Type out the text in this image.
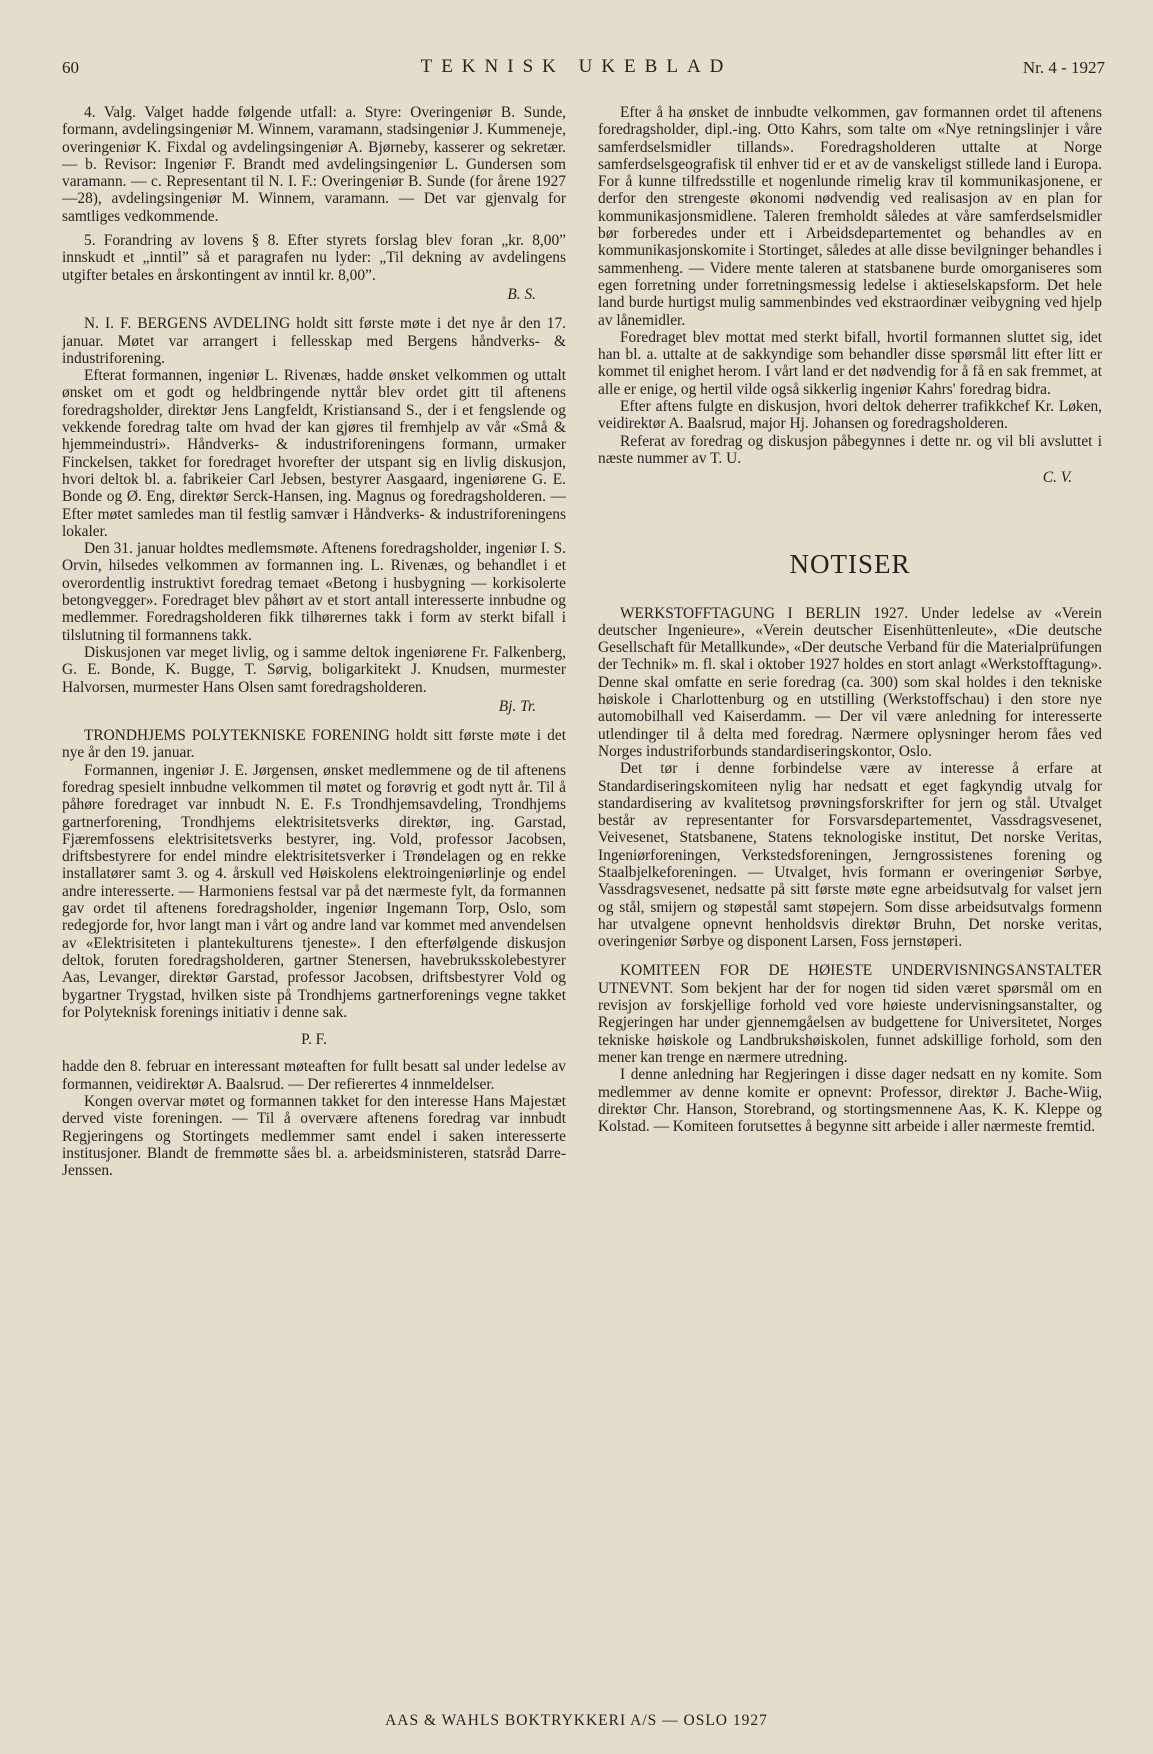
60	TEKNISK UKEBLAD	Nr. 4 - 1927

4. Valg. Valget hadde følgende utfall: a. Styre: Overingeniør B. Sunde, formann, avdelingsingeniør M. Winnem, varamann, stadsingeniør J. Kummeneje, overingeniør K. Fixdal og avdelingsingeniør A. Bjørneby, kasserer og sekretær. — b. Revisor: Ingeniør F. Brandt med avdelingsingeniør L. Gundersen som varamann. — c. Representant til N. I. F.: Overingeniør B. Sunde (for årene 1927—28), avdelingsingeniør M. Winnem, varamann. — Det var gjenvalg for samtliges vedkommende.

5. Forandring av lovens § 8. Efter styrets forslag blev foran „kr. 8,00” innskudt et „inntil” så et paragrafen nu lyder: „Til dekning av avdelingens utgifter betales en årskontingent av inntil kr. 8,00”.

B. S.

N. I. F. BERGENS AVDELING holdt sitt første møte i det nye år den 17. januar. Møtet var arrangert i fellesskap med Bergens håndverks- & industriforening.

Efterat formannen, ingeniør L. Rivenæs, hadde ønsket velkommen og uttalt ønsket om et godt og heldbringende nyttår blev ordet gitt til aftenens foredragsholder, direktør Jens Langfeldt, Kristiansand S., der i et fengslende og vekkende foredrag talte om hvad der kan gjøres til fremhjelp av vår «Små & hjemmeindustri». Håndverks- & industriforeningens formann, urmaker Finckelsen, takket for foredraget hvorefter der utspant sig en livlig diskusjon, hvori deltok bl. a. fabrikeier Carl Jebsen, bestyrer Aasgaard, ingeniørene G. E. Bonde og Ø. Eng, direktør Serck-Hansen, ing. Magnus og foredragsholderen. — Efter møtet samledes man til festlig samvær i Håndverks- & industriforeningens lokaler.

Den 31. januar holdtes medlemsmøte. Aftenens foredragsholder, ingeniør I. S. Orvin, hilsedes velkommen av formannen ing. L. Rivenæs, og behandlet i et overordentlig instruktivt foredrag temaet «Betong i husbygning — korkisolerte betongvegger». Foredraget blev påhørt av et stort antall interesserte innbudne og medlemmer. Foredragsholderen fikk tilhørernes takk i form av sterkt bifall i tilslutning til formannens takk.

Diskusjonen var meget livlig, og i samme deltok ingeniørene Fr. Falkenberg, G. E. Bonde, K. Bugge, T. Sørvig, boligarkitekt J. Knudsen, murmester Halvorsen, murmester Hans Olsen samt foredragsholderen.

Bj. Tr.

TRONDHJEMS POLYTEKNISKE FORENING holdt sitt første møte i det nye år den 19. januar.

Formannen, ingeniør J. E. Jørgensen, ønsket medlemmene og de til aftenens foredrag spesielt innbudne velkommen til møtet og forøvrig et godt nytt år. Til å påhøre foredraget var innbudt N. E. F.s Trondhjemsavdeling, Trondhjems gartnerforening, Trondhjems elektrisitetsverks direktør, ing. Garstad, Fjæremfossens elektrisitetsverks bestyrer, ing. Vold, professor Jacobsen, driftsbestyrere for endel mindre elektrisitetsverker i Trøndelagen og en rekke installatører samt 3. og 4. årskull ved Høiskolens elektroingeniørlinje og endel andre interesserte. — Harmoniens festsal var på det nærmeste fylt, da formannen gav ordet til aftenens foredragsholder, ingeniør Ingemann Torp, Oslo, som redegjorde for, hvor langt man i vårt og andre land var kommet med anvendelsen av «Elektrisiteten i plantekulturens tjeneste». I den efterfølgende diskusjon deltok, foruten foredragsholderen, gartner Stenersen, havebruksskolebestyrer Aas, Levanger, direktør Garstad, professor Jacobsen, driftsbestyrer Vold og bygartner Trygstad, hvilken siste på Trondhjems gartnerforenings vegne takket for Polyteknisk forenings initiativ i denne sak.

P. F.

hadde den 8. februar en interessant møteaften for fullt besatt sal under ledelse av formannen, veidirektør A. Baalsrud. — Der refierertes 4 innmeldelser.

Kongen overvar møtet og formannen takket for den interesse Hans Majestæt derved viste foreningen. — Til å overvære aftenens foredrag var innbudt Regjeringens og Stortingets medlemmer samt endel i saken interesserte institusjoner. Blandt de fremmøtte såes bl. a. arbeidsministeren, statsråd Darre-Jenssen.

Efter å ha ønsket de innbudte velkommen, gav formannen ordet til aftenens foredragsholder, dipl.-ing. Otto Kahrs, som talte om «Nye retningslinjer i våre samferdselsmidler tillands». Foredragsholderen uttalte at Norge samferdselsgeografisk til enhver tid er et av de vanskeligst stillede land i Europa. For å kunne tilfredsstille et nogenlunde rimelig krav til kommunikasjonene, er derfor den strengeste økonomi nødvendig ved realisasjon av en plan for kommunikasjonsmidlene. Taleren fremholdt således at våre samferdselsmidler bør forberedes under ett i Arbeidsdepartementet og behandles av en kommunikasjonskomite i Stortinget, således at alle disse bevilgninger behandles i sammenheng. — Videre mente taleren at statsbanene burde omorganiseres som egen forretning under forretningsmessig ledelse i aktieselskapsform. Det hele land burde hurtigst mulig sammenbindes ved ekstraordinær veibygning ved hjelp av lånemidler.

Foredraget blev mottat med sterkt bifall, hvortil formannen sluttet sig, idet han bl. a. uttalte at de sakkyndige som behandler disse spørsmål litt efter litt er kommet til enighet herom. I vårt land er det nødvendig for å få en sak fremmet, at alle er enige, og hertil vilde også sikkerlig ingeniør Kahrs' foredrag bidra.

Efter aftens fulgte en diskusjon, hvori deltok deherrer trafikkchef Kr. Løken, veidirektør A. Baalsrud, major Hj. Johansen og foredragsholderen.

Referat av foredrag og diskusjon påbegynnes i dette nr. og vil bli avsluttet i næste nummer av T. U.

C. V.
NOTISER

WERKSTOFFTAGUNG I BERLIN 1927. Under ledelse av «Verein deutscher Ingenieure», «Verein deutscher Eisenhüttenleute», «Die deutsche Gesellschaft für Metallkunde», «Der deutsche Verband für die Materialprüfungen der Technik» m. fl. skal i oktober 1927 holdes en stort anlagt «Werkstofftagung». Denne skal omfatte en serie foredrag (ca. 300) som skal holdes i den tekniske høiskole i Charlottenburg og en utstilling (Werkstoffschau) i den store nye automobilhall ved Kaiserdamm. — Der vil være anledning for interesserte utlendinger til å delta med foredrag. Nærmere oplysninger herom fåes ved Norges industriforbunds standardiseringskontor, Oslo.

Det tør i denne forbindelse være av interesse å erfare at Standardiseringskomiteen nylig har nedsatt et eget fagkyndig utvalg for standardisering av kvalitetsog prøvningsforskrifter for jern og stål. Utvalget består av representanter for Forsvarsdepartementet, Vassdragsvesenet, Veivesenet, Statsbanene, Statens teknologiske institut, Det norske Veritas, Ingeniørforeningen, Verkstedsforeningen, Jerngrossistenes forening og Staalbjelkeforeningen. — Utvalget, hvis formann er overingeniør Sørbye, Vassdragsvesenet, nedsatte på sitt første møte egne arbeidsutvalg for valset jern og stål, smijern og støpestål samt støpejern. Som disse arbeidsutvalgs formenn har utvalgene opnevnt henholdsvis direktør Bruhn, Det norske veritas, overingeniør Sørbye og disponent Larsen, Foss jernstøperi.

KOMITEEN FOR DE HØIESTE UNDERVISNINGSANSTALTER UTNEVNT. Som bekjent har der for nogen tid siden været spørsmål om en revisjon av forskjellige forhold ved vore høieste undervisningsanstalter, og Regjeringen har under gjennemgåelsen av budgettene for Universitetet, Norges tekniske høiskole og Landbrukshøiskolen, funnet adskillige forhold, som den mener kan trenge en nærmere utredning.

I denne anledning har Regjeringen i disse dager nedsatt en ny komite. Som medlemmer av denne komite er opnevnt: Professor, direktør J. Bache-Wiig, direktør Chr. Hanson, Storebrand, og stortingsmennene Aas, K. K. Kleppe og Kolstad. — Komiteen forutsettes å begynne sitt arbeide i aller nærmeste fremtid.

AAS & WAHLS BOKTRYKKERI A/S — OSLO 1927
